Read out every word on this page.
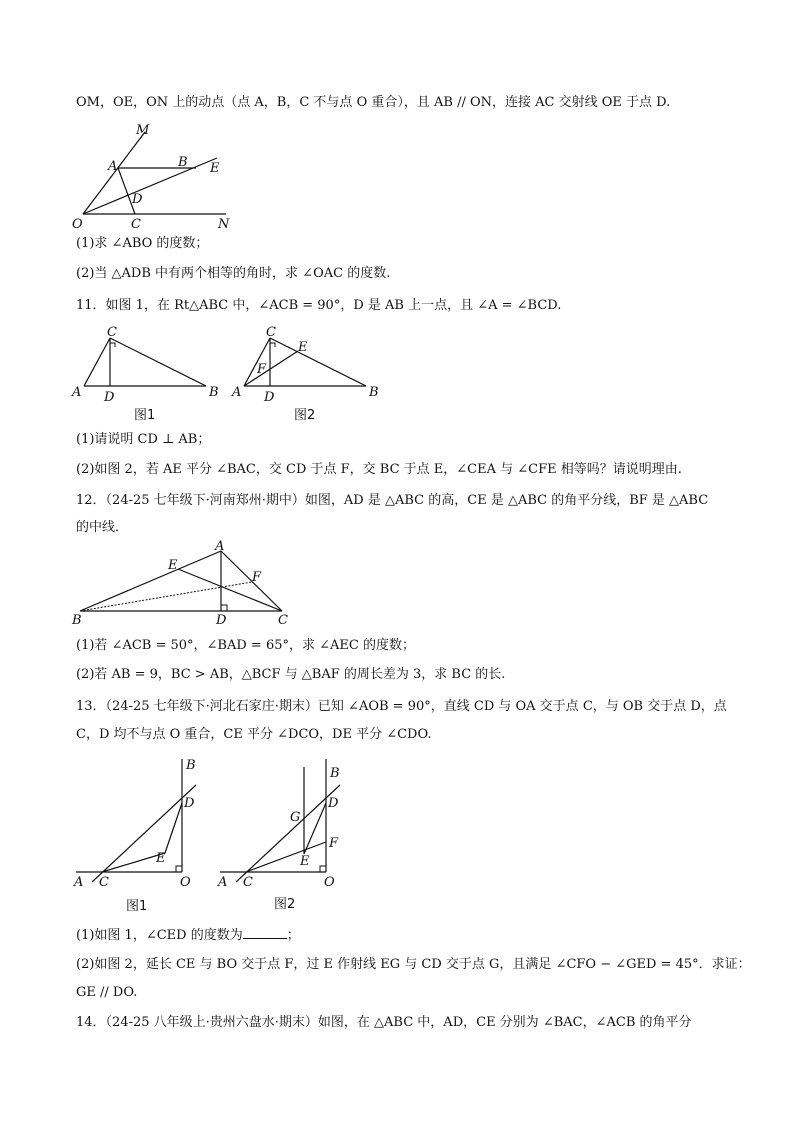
OM，OE，ON 上的动点（点 A，B，C 不与点 O 重合），且 AB // ON，连接 AC 交射线 OE 于点 D.
M
A	B E
D
O	C	N
(1)求 ∠ABO 的度数；
(2)当 △ADB 中有两个相等的角时，求 ∠OAC 的度数.
11．如图 1，在 Rt△ABC 中，∠ACB = 90°，D 是 AB 上一点，且 ∠A = ∠BCD.
C
A D	B
图1
C
E
F
A D	B
图2
(1)请说明 CD ⊥ AB；
(2)如图 2，若 AE 平分 ∠BAC，交 CD 于点 F，交 BC 于点 E，∠CEA 与 ∠CFE 相等吗？请说明理由.
12．（24-25 七年级下·河南郑州·期中）如图，AD 是 △ABC 的高，CE 是 △ABC 的角平分线，BF 是 △ABC
的中线．
A
E
F
B	D	C
(1)若 ∠ACB = 50°，∠BAD = 65°，求 ∠AEC 的度数；
(2)若 AB = 9，BC > AB，△BCF 与 △BAF 的周长差为 3，求 BC 的长.
13．（24-25 七年级下·河北石家庄·期末）已知 ∠AOB = 90°，直线 CD 与 OA 交于点 C，与 OB 交于点 D，点
C，D 均不与点 O 重合，CE 平分 ∠DCO，DE 平分 ∠CDO.
B
D
E
A C	O
图1
B
G
D
F
E
A C	O
图2
(1)如图 1，∠CED 的度数为	；
(2)如图 2，延长 CE 与 BO 交于点 F，过 E 作射线 EG 与 CD 交于点 G，且满足 ∠CFO − ∠GED = 45°．求证：
GE // DO.
14．（24-25 八年级上·贵州六盘水·期末）如图，在 △ABC 中，AD，CE 分别为 ∠BAC，∠ACB 的角平分
